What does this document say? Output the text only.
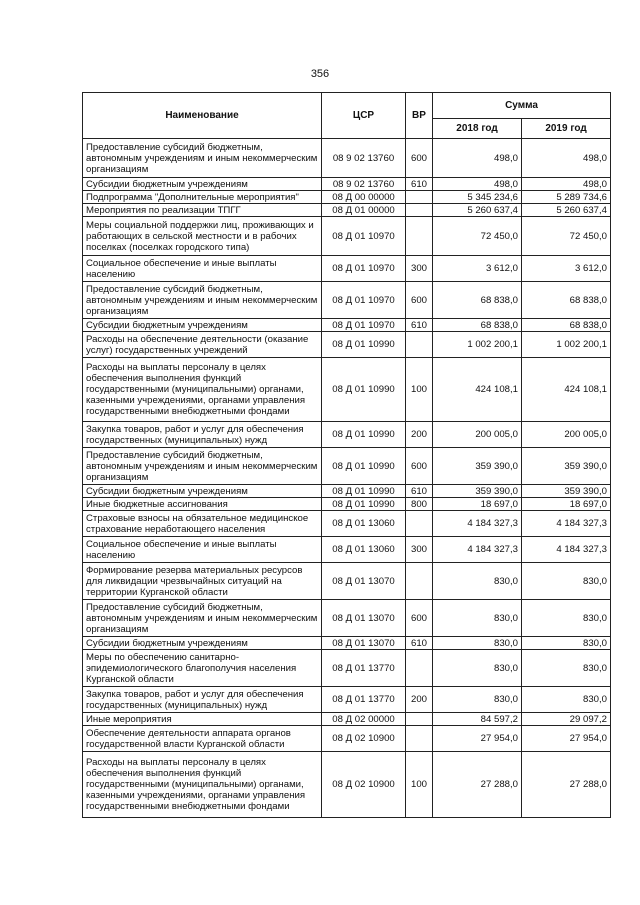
356
Наименование	ЦСР	ВР	Сумма	
			2018 год	2019 год
Предоставление субсидий бюджетным, автономным учреждениям и иным некоммерческим организациям	08 9 02 13760	600	498,0	498,0
Субсидии бюджетным учреждениям	08 9 02 13760	610	498,0	498,0
Подпрограмма "Дополнительные мероприятия"	08 Д 00 00000		5 345 234,6	5 289 734,6
Мероприятия по реализации ТПГГ	08 Д 01 00000		5 260 637,4	5 260 637,4
Меры социальной поддержки лиц, проживающих и работающих в сельской местности и в рабочих поселках (поселках городского типа)	08 Д 01 10970		72 450,0	72 450,0
Социальное обеспечение и иные выплаты населению	08 Д 01 10970	300	3 612,0	3 612,0
Предоставление субсидий бюджетным, автономным учреждениям и иным некоммерческим организациям	08 Д 01 10970	600	68 838,0	68 838,0
Субсидии бюджетным учреждениям	08 Д 01 10970	610	68 838,0	68 838,0
Расходы на обеспечение деятельности (оказание услуг) государственных учреждений	08 Д 01 10990		1 002 200,1	1 002 200,1
Расходы на выплаты персоналу в целях обеспечения выполнения функций государственными (муниципальными) органами, казенными учреждениями, органами управления государственными внебюджетными фондами	08 Д 01 10990	100	424 108,1	424 108,1
Закупка товаров, работ и услуг для обеспечения государственных (муниципальных) нужд	08 Д 01 10990	200	200 005,0	200 005,0
Предоставление субсидий бюджетным, автономным учреждениям и иным некоммерческим организациям	08 Д 01 10990	600	359 390,0	359 390,0
Субсидии бюджетным учреждениям	08 Д 01 10990	610	359 390,0	359 390,0
Иные бюджетные ассигнования	08 Д 01 10990	800	18 697,0	18 697,0
Страховые взносы на обязательное медицинское страхование неработающего населения	08 Д 01 13060		4 184 327,3	4 184 327,3
Социальное обеспечение и иные выплаты населению	08 Д 01 13060	300	4 184 327,3	4 184 327,3
Формирование резерва материальных ресурсов для ликвидации чрезвычайных ситуаций на территории Курганской области	08 Д 01 13070		830,0	830,0
Предоставление субсидий бюджетным, автономным учреждениям и иным некоммерческим организациям	08 Д 01 13070	600	830,0	830,0
Субсидии бюджетным учреждениям	08 Д 01 13070	610	830,0	830,0
Меры по обеспечению санитарно-эпидемиологического благополучия населения Курганской области	08 Д 01 13770		830,0	830,0
Закупка товаров, работ и услуг для обеспечения государственных (муниципальных) нужд	08 Д 01 13770	200	830,0	830,0
Иные мероприятия	08 Д 02 00000		84 597,2	29 097,2
Обеспечение деятельности аппарата органов государственной власти Курганской области	08 Д 02 10900		27 954,0	27 954,0
Расходы на выплаты персоналу в целях обеспечения выполнения функций государственными (муниципальными) органами, казенными учреждениями, органами управления государственными внебюджетными фондами	08 Д 02 10900	100	27 288,0	27 288,0
